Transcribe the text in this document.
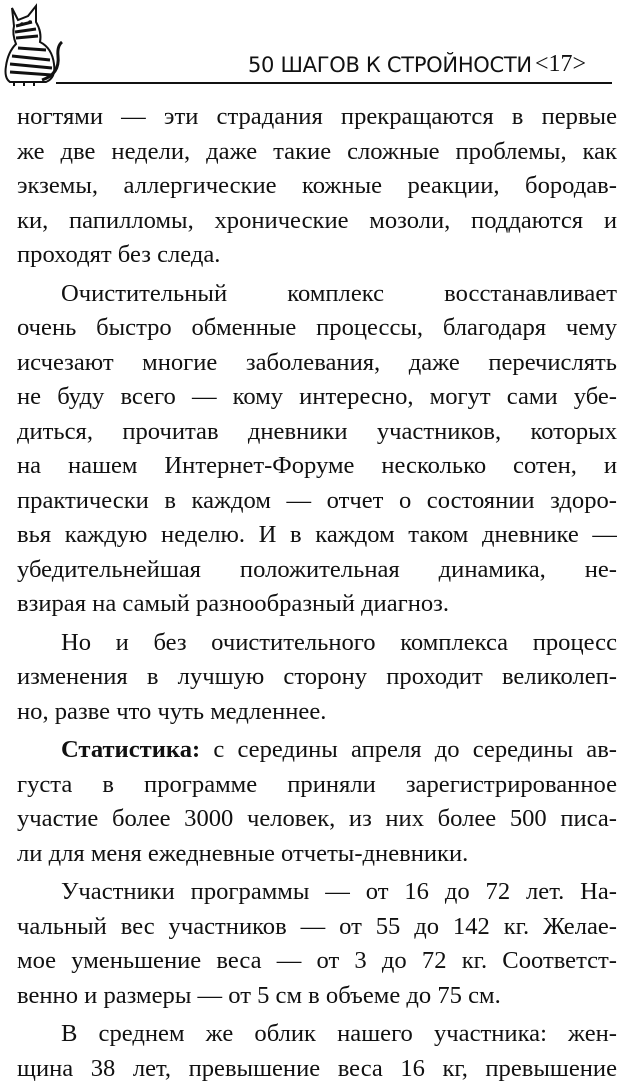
50 ШАГОВ К СТРОЙНОСТИ <17>
ногтями — эти страдания прекращаются в первые
же две недели, даже такие сложные проблемы, как
экземы, аллергические кожные реакции, бородав-
ки, папилломы, хронические мозоли, поддаются и
проходят без следа.
Очистительный комплекс восстанавливает
очень быстро обменные процессы, благодаря чему
исчезают многие заболевания, даже перечислять
не буду всего — кому интересно, могут сами убе-
диться, прочитав дневники участников, которых
на нашем Интернет-Форуме несколько сотен, и
практически в каждом — отчет о состоянии здоро-
вья каждую неделю. И в каждом таком дневнике —
убедительнейшая положительная динамика, не-
взирая на самый разнообразный диагноз.
Но и без очистительного комплекса процесс
изменения в лучшую сторону проходит великолеп-
но, разве что чуть медленнее.
Статистика: с середины апреля до середины ав-
густа в программе приняли зарегистрированное
участие более 3000 человек, из них более 500 писа-
ли для меня ежедневные отчеты-дневники.
Участники программы — от 16 до 72 лет. На-
чальный вес участников — от 55 до 142 кг. Желае-
мое уменьшение веса — от 3 до 72 кг. Соответст-
венно и размеры — от 5 см в объеме до 75 см.
В среднем же облик нашего участника: жен-
щина 38 лет, превышение веса 16 кг, превышение
